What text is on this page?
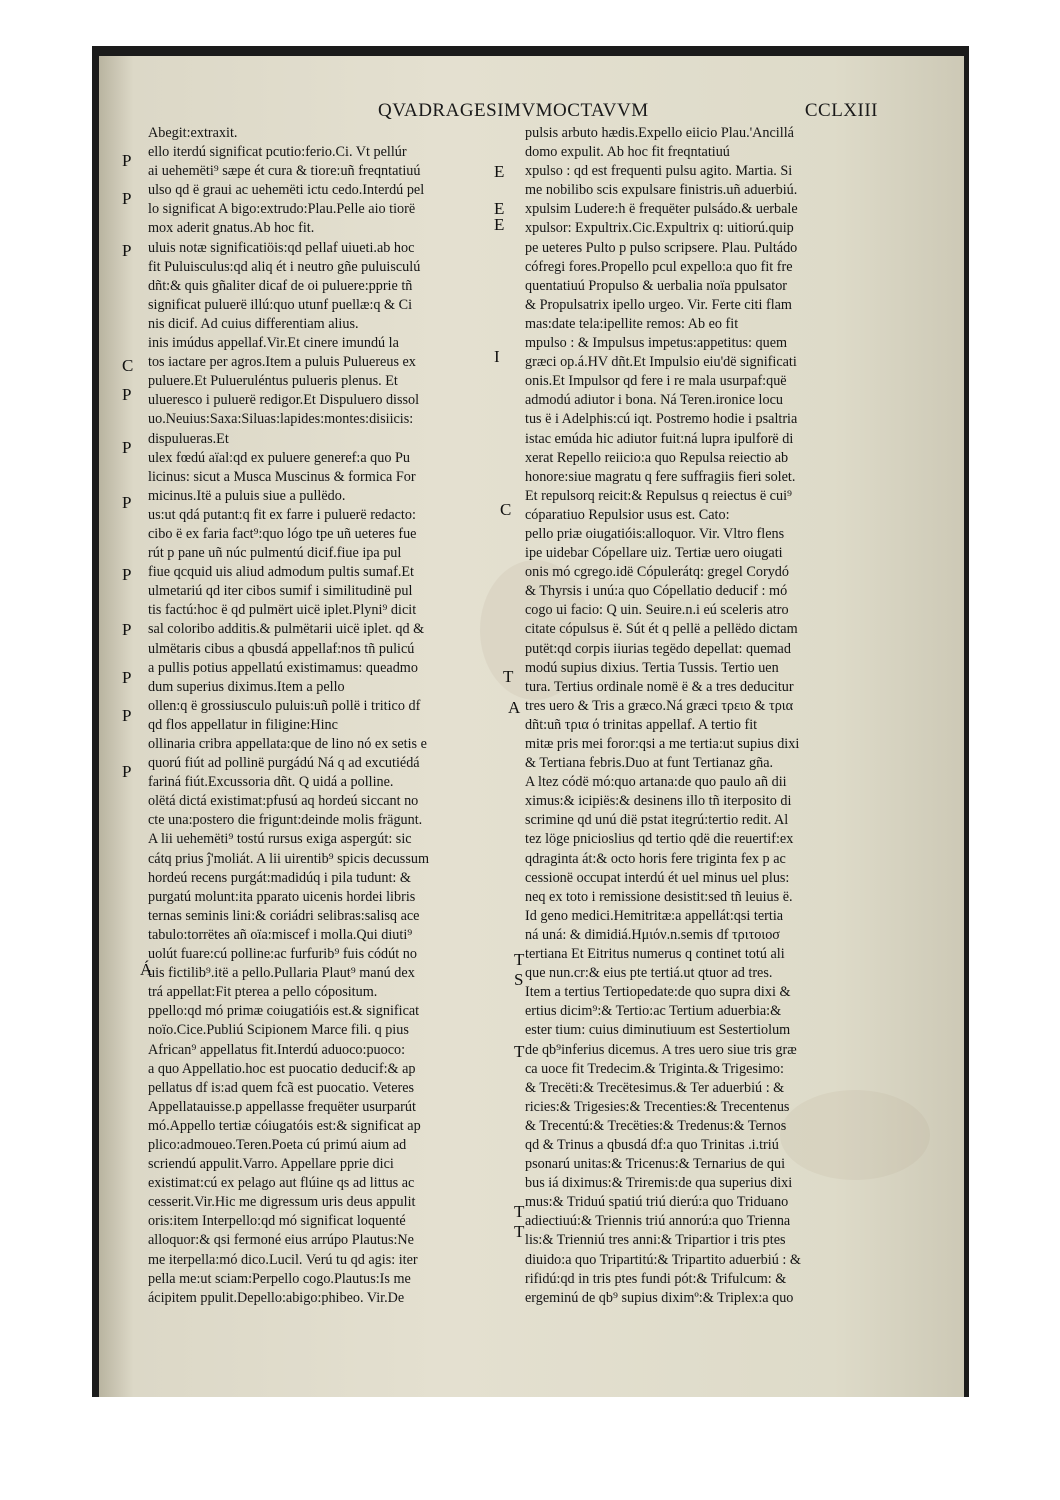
QVADRAGESIMVMOCTAVVM	CCLXIII
Abegit:extraxit.
ello iterdú significat pcutio:ferio.Ci. Vt pellúr
ai uehemëti⁹ sæpe ét cura & tiore:uñ freqntatiuú
ulso qd ë graui ac uehemëti ictu cedo.Interdú pel
lo significat A bigo:extrudo:Plau.Pelle aio tiorë
mox aderit gnatus.Ab hoc fit.
uluis notæ significatiöis:qd pellaf uiueti.ab hoc
fit Puluisculus:qd aliq ét i neutro gñe puluisculú
dñt:& quis gñaliter dicaf de oi puluere:pprie tñ
significat puluerë illú:quo utunf puellæ:q & Ci
nis dicif. Ad cuius differentiam alius.
inis imúdus appellaf.Vir.Et cinere imundú la
tos iactare per agros.Item a puluis Puluereus ex
puluere.Et Pulueruléntus pulueris plenus. Et
ulueresco i puluerë redigor.Et Dispuluero dissol
uo.Neuius:Saxa:Siluas:lapides:montes:disiicis:
dispulueras.Et
ulex fœdú aïal:qd ex puluere generef:a quo Pu
licinus: sicut a Musca Muscinus & formica For
micinus.Itë a puluis siue a pullëdo.
us:ut qdá putant:q fit ex farre i puluerë redacto:
cibo ë ex faria fact⁹:quo lógo tpe uñ ueteres fue
rút p pane uñ núc pulmentú dicif.fiue ipa pul
fiue qcquid uis aliud admodum pultis sumaf.Et
ulmetariú qd iter cibos sumif i similitudinë pul
tis factú:hoc ë qd pulmërt uicë iplet.Plyni⁹ dicit
sal coloribo additis.& pulmëtarii uicë iplet. qd &
ulmëtaris cibus a qbusdá appellaf:nos tñ pulicú
a pullis potius appellatú existimamus: queadmo
dum superius diximus.Item a pello
ollen:q ë grossiusculo puluis:uñ pollë i tritico df
qd flos appellatur in filigine:Hinc
ollinaria cribra appellata:que de lino nó ex setis e
quorú fiút ad pollinë purgádú Ná q ad excutiédá
fariná fiút.Excussoria dñt. Q uidá a polline.
olëtá dictá existimat:pfusú aq hordeú siccant no
cte una:postero die frigunt:deinde molis frägunt.
A lii uehemëti⁹ tostú rursus exiga aspergút: sic
cátq prius ĵ'moliát. A lii uirentib⁹ spicis decussum
hordeú recens purgát:madidúq i pila tudunt: &
purgatú molunt:ita pparato uicenis hordei libris
ternas seminis lini:& coriádri selibras:salisq ace
tabulo:torrëtes añ oïa:miscef i molla.Qui diuti⁹
uolút fuare:cú polline:ac furfurib⁹ fuis códút no
uis fictilib⁹.itë a pello.Pullaria Plaut⁹ manú dex
trá appellat:Fit pterea a pello cópositum.
ppello:qd mó primæ coiugatióis est.& significat
noïo.Cice.Publiú Scipionem Marce fili. q pius
African⁹ appellatus fit.Interdú aduoco:puoco:
a quo Appellatio.hoc est puocatio deducif:& ap
pellatus df is:ad quem fcã est puocatio. Veteres
Appellatauisse.p appellasse frequëter usurparút
mó.Appello tertiæ cóiugatóis est:& significat ap
plico:admoueo.Teren.Poeta cú primú aium ad
scriendú appulit.Varro. Appellare pprie dici
existimat:cú ex pelago aut flúine qs ad littus ac
cesserit.Vir.Hic me digressum uris deus appulit
oris:item Interpello:qd mó significat loquenté
alloquor:& qsi fermoné eius arrúpo Plautus:Ne
me iterpella:mó dico.Lucil. Verú tu qd agis: iter
pella me:ut sciam:Perpello cogo.Plautus:Is me
ácipitem ppulit.Depello:abigo:phibeo. Vir.De
pulsis arbuto hædis.Expello eiicio Plau.'Ancillá
domo expulit. Ab hoc fit freqntatiuú
xpulso : qd est frequenti pulsu agito. Martia. Si
me nobilibo scis expulsare finistris.uñ aduerbiú.
xpulsim Ludere:h ë frequëter pulsádo.& uerbale
xpulsor: Expultrix.Cic.Expultrix q: uitiorú.quip
pe ueteres Pulto p pulso scripsere. Plau. Pultádo
cófregi fores.Propello pcul expello:a quo fit fre
quentatiuú Propulso & uerbalia noïa ppulsator
& Propulsatrix ipello urgeo. Vir. Ferte citi flam
mas:date tela:ipellite remos: Ab eo fit
mpulso : & Impulsus impetus:appetitus: quem
græci op.á.HV dñt.Et Impulsio eiu'dë significati
onis.Et Impulsor qd fere i re mala usurpaf:quë
admodú adiutor i bona. Ná Teren.ironice locu
tus ë i Adelphis:cú iqt. Postremo hodie i psaltria
istac emúda hic adiutor fuit:ná lupra ipulforë di
xerat Repello reiicio:a quo Repulsa reiectio ab
honore:siue magratu q fere suffragiis fieri solet.
Et repulsorq reicit:& Repulsus q reiectus ë cui⁹
cóparatiuo Repulsior usus est. Cato:
pello priæ oiugatióis:alloquor. Vir. Vltro flens
ipe uidebar Cópellare uiz. Tertiæ uero oiugati
onis mó cgrego.idë Cópulerátq: gregel Corydó
& Thyrsis i unú:a quo Cópellatio deducif : mó
cogo ui facio: Q uin. Seuire.n.i eú sceleris atro
citate cópulsus ë. Sút ét q pellë a pellëdo dictam
putët:qd corpis iiurias tegëdo depellat: quemad
modú supius dixius. Tertia Tussis. Tertio uen
tura. Tertius ordinale nomë ë & a tres deducitur
tres uero & Tris a græco.Ná græci τρειο & τρια
dñt:uñ τρια ό trinitas appellaf. A tertio fit
mitæ pris mei foror:qsi a me tertia:ut supius dixi
& Tertiana febris.Duo at funt Tertianaz gña.
A ltez códë mó:quo artana:de quo paulo añ dii
ximus:& icipiës:& desinens illo tñ iterposito di
scrimine qd unú dië pstat itegrú:tertio redit. Al
tez löge pnicioslius qd tertio qdë die reuertif:ex
qdraginta át:& octo horis fere triginta fex p ac
cessionë occupat interdú ét uel minus uel plus:
neq ex toto i remissione desistit:sed tñ leuius ë.
Id geno medici.Hemitritæ:a appellát:qsi tertia
ná uná: & dimidiá.Hμιόν.n.semis df τριτοιοσ
tertiana Et Eitritus numerus q continet totú ali
que nun.cr:& eius pte tertiá.ut qtuor ad tres.
Item a tertius Tertiopedate:de quo supra dixi &
ertius dicim⁹:& Tertio:ac Tertium aduerbia:&
ester tium: cuius diminutiuum est Sestertiolum
de qb⁹inferius dicemus. A tres uero siue tris græ
ca uoce fit Tredecim.& Triginta.& Trigesimo:
& Trecëti:& Trecëtesimus.& Ter aduerbiú : &
ricies:& Trigesies:& Trecenties:& Trecentenus
& Trecentú:& Trecëties:& Tredenus:& Ternos
qd & Trinus a qbusdá df:a quo Trinitas .i.triú
psonarú unitas:& Tricenus:& Ternarius de qui
bus iá diximus:& Triremis:de qua superius dixi
mus:& Triduú spatiú triú dierú:a quo Triduano
adiectiuú:& Triennis triú annorú:a quo Trienna
lis:& Trienniú tres anni:& Tripartior i tris ptes
diuido:a quo Tripartitú:& Tripartito aduerbiú : &
rifidú:qd in tris ptes fundi pót:& Trifulcum: &
ergeminú de qb⁹ supius diximº:& Triplex:a quo
P
P
P
C
P
P
P
P
P
P
P
P
Á
E
E
E
I
C
T
A
T
S
T
T
T
